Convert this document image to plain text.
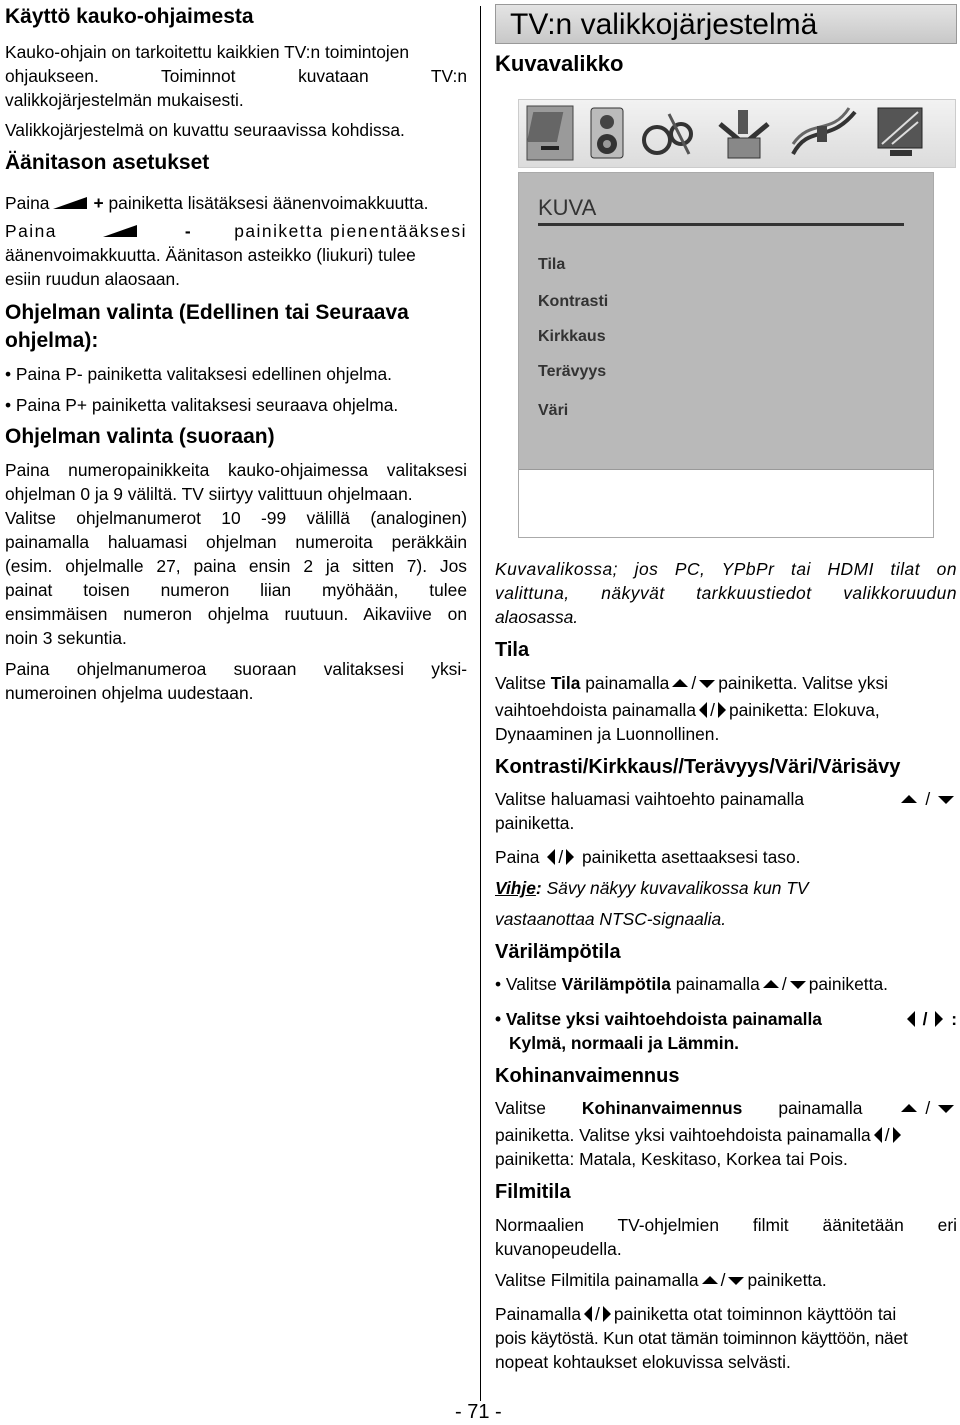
Käyttö kauko-ohjaimesta

Kauko-ohjain on tarkoitettu kaikkien TV:n toimintojen

ohjaukseen. Toiminnot kuvataan TV:n

valikkojärjestelmän mukaisesti.

Valikkojärjestelmä on kuvattu seuraavissa kohdissa.

Äänitason asetukset

Paina	+ painiketta lisätäksesi äänenvoimakkuutta.

Paina	- painiketta pienentääksesi

äänenvoimakkuutta. Äänitason asteikko (liukuri) tulee

esiin ruudun alaosaan.

Ohjelman valinta (Edellinen tai Seuraava

ohjelma):

• Paina P- painiketta valitaksesi edellinen ohjelma.

• Paina P+ painiketta valitaksesi seuraava ohjelma.

Ohjelman valinta (suoraan)

Paina numeropainikkeita kauko-ohjaimessa valitaksesi

ohjelman 0 ja 9 väliltä. TV siirtyy valittuun ohjelmaan.

Valitse ohjelmanumerot 10 -99 välillä (analoginen)

painamalla haluamasi ohjelman numeroita peräkkäin

(esim. ohjelmalle 27, paina ensin 2 ja sitten 7). Jos

painat toisen numeron liian myöhään, tulee

ensimmäisen numeron ohjelma ruutuun. Aikaviive on

noin 3 sekuntia.

Paina ohjelmanumeroa suoraan valitaksesi yksi-

numeroinen ohjelma uudestaan.

TV:n valikkojärjestelmä

Kuvavalikko

KUVA
Tila
Kontrasti
Kirkkaus
Terävyys
Väri

Kuvavalikossa; jos PC, YPbPr tai HDMI tilat on

valittuna, näkyvät tarkkuustiedot valikkoruudun

alaosassa.

Tila

Valitse Tila painamalla / painiketta. Valitse yksi

vaihtoehdoista painamalla / painiketta: Elokuva,

Dynaaminen ja Luonnollinen.

Kontrasti/Kirkkaus//Terävyys/Väri/Värisävy

Valitse haluamasi vaihtoehto painamalla	/

painiketta.

Paina / painiketta asettaaksesi taso.

Vihje: Sävy näkyy kuvavalikossa kun TV

vastaanottaa NTSC-signaalia.

Värilämpötila

• Valitse Värilämpötila painamalla / painiketta.

• Valitse yksi vaihtoehdoista painamalla	/ :

Kylmä, normaali ja Lämmin.

Kohinanvaimennus

Valitse Kohinanvaimennus painamalla	/

painiketta. Valitse yksi vaihtoehdoista painamalla /

painiketta: Matala, Keskitaso, Korkea tai Pois.

Filmitila

Normaalien TV-ohjelmien filmit äänitetään eri

kuvanopeudella.

Valitse Filmitila painamalla / painiketta.

Painamalla / painiketta otat toiminnon käyttöön tai

pois käytöstä. Kun otat tämän toiminnon käyttöön, näet

nopeat kohtaukset elokuvissa selvästi.

- 71 -
